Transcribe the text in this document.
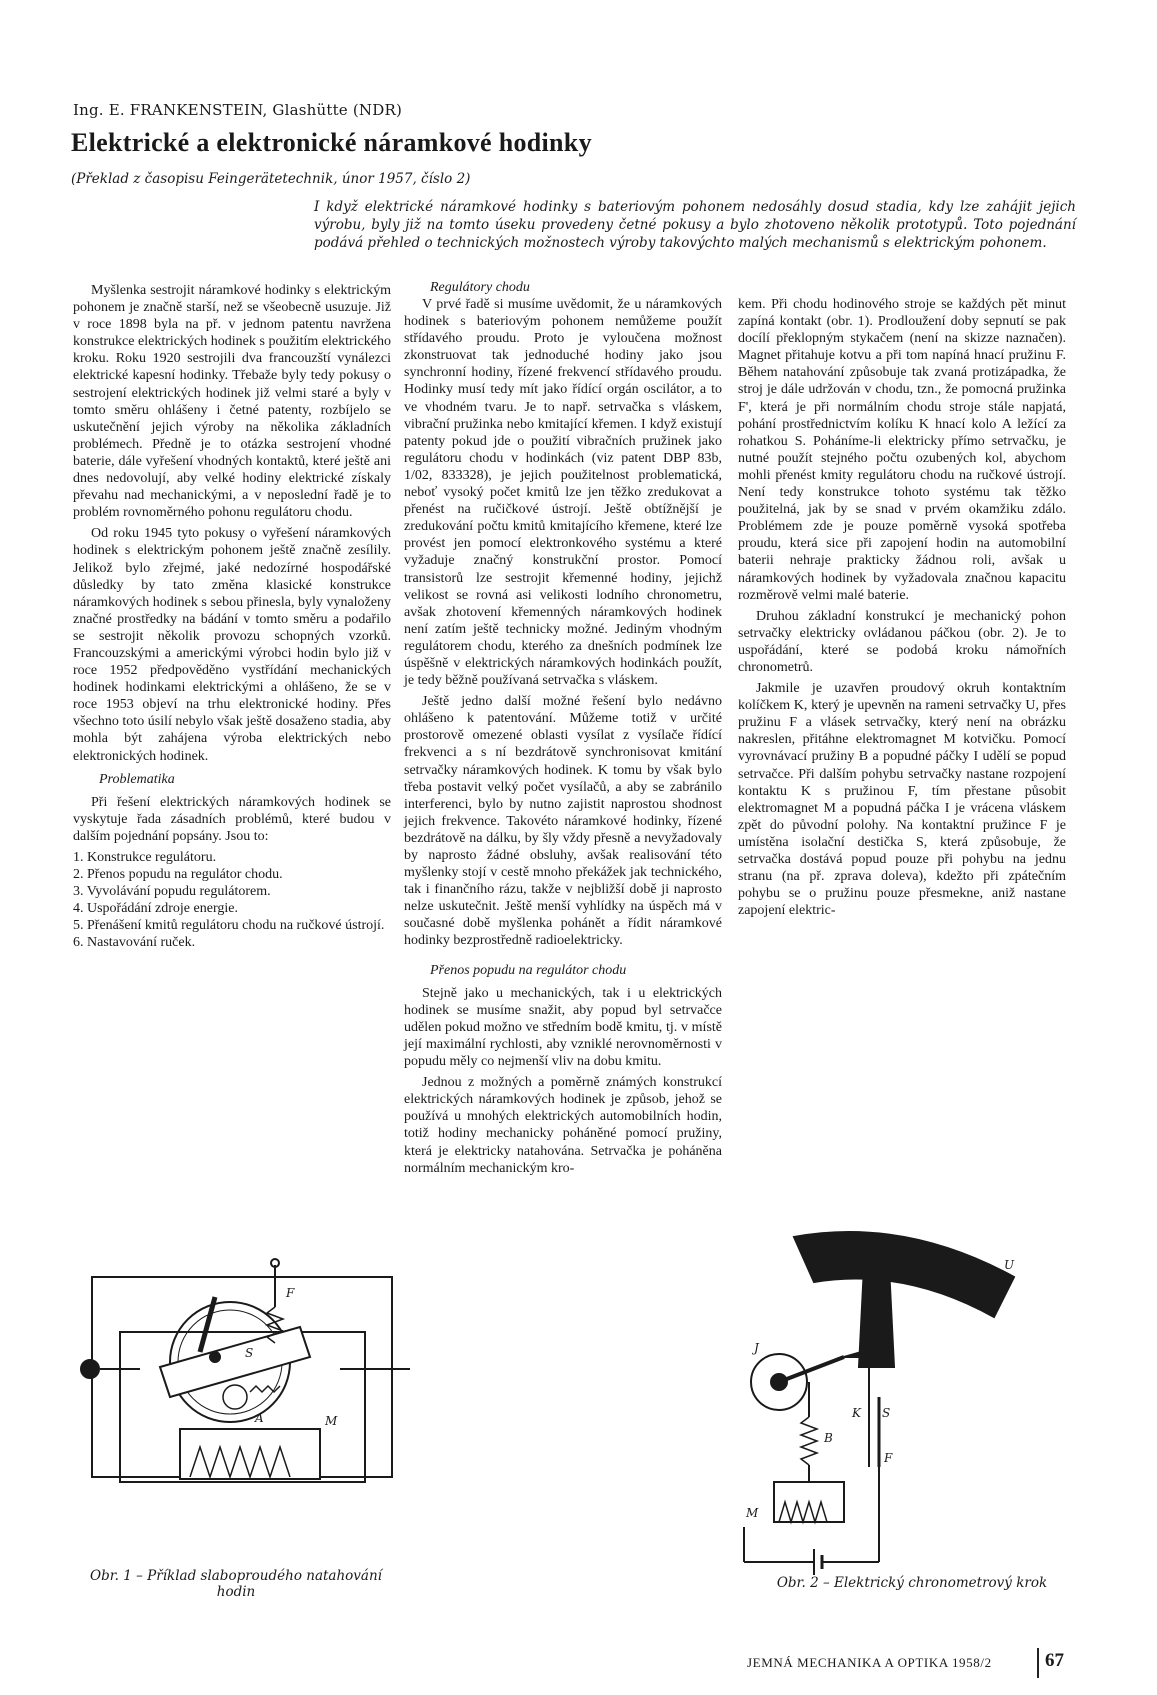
Ing. E. FRANKENSTEIN, Glashütte (NDR)
Elektrické a elektronické náramkové hodinky
(Překlad z časopisu Feingerätetechnik, únor 1957, číslo 2)

I když elektrické náramkové hodinky s bateriovým pohonem nedosáhly dosud stadia, kdy lze zahájit jejich výrobu, byly již na tomto úseku provedeny četné pokusy a bylo zhotoveno několik prototypů. Toto pojednání podává přehled o technických možnostech výroby takovýchto malých mechanismů s elektrickým pohonem.

Myšlenka sestrojit náramkové hodinky s elektrickým pohonem je značně starší, než se všeobecně usuzuje. Již v roce 1898 byla na př. v jednom patentu navržena konstrukce elektrických hodinek s použitím elektrického kroku. Roku 1920 sestrojili dva francouzští vynálezci elektrické kapesní hodinky. Třebaže byly tedy pokusy o sestrojení elektrických hodinek již velmi staré a byly v tomto směru ohlášeny i četné patenty, rozbíjelo se uskutečnění jejich výroby na několika základních problémech. Předně je to otázka sestrojení vhodné baterie, dále vyřešení vhodných kontaktů, které ještě ani dnes nedovolují, aby velké hodiny elektrické získaly převahu nad mechanickými, a v neposlední řadě je to problém rovnoměrného pohonu regulátoru chodu.

Od roku 1945 tyto pokusy o vyřešení náramkových hodinek s elektrickým pohonem ještě značně zesílily. Jelikož bylo zřejmé, jaké nedozírné hospodářské důsledky by tato změna klasické konstrukce náramkových hodinek s sebou přinesla, byly vynaloženy značné prostředky na bádání v tomto směru a podařilo se sestrojit několik provozu schopných vzorků. Francouzskými a americkými výrobci hodin bylo již v roce 1952 předpověděno vystřídání mechanických hodinek hodinkami elektrickými a ohlášeno, že se v roce 1953 objeví na trhu elektronické hodiny. Přes všechno toto úsilí nebylo však ještě dosaženo stadia, aby mohla být zahájena výroba elektrických nebo elektronických hodinek.

Problematika

Při řešení elektrických náramkových hodinek se vyskytuje řada zásadních problémů, které budou v dalším pojednání popsány. Jsou to:

1. Konstrukce regulátoru.
2. Přenos popudu na regulátor chodu.
3. Vyvolávání popudu regulátorem.
4. Uspořádání zdroje energie.
5. Přenášení kmitů regulátoru chodu na ručkové ústrojí.
6. Nastavování ruček.
Regulátory chodu

V prvé řadě si musíme uvědomit, že u náramkových hodinek s bateriovým pohonem nemůžeme použít střídavého proudu. Proto je vyloučena možnost zkonstruovat tak jednoduché hodiny jako jsou synchronní hodiny, řízené frekvencí střídavého proudu. Hodinky musí tedy mít jako řídící orgán oscilátor, a to ve vhodném tvaru. Je to např. setrvačka s vláskem, vibrační pružinka nebo kmitající křemen. I když existují patenty pokud jde o použití vibračních pružinek jako regulátoru chodu v hodinkách (viz patent DBP 83b, 1/02, 833328), je jejich použitelnost problematická, neboť vysoký počet kmitů lze jen těžko zredukovat a přenést na ručičkové ústrojí. Ještě obtížnější je zredukování počtu kmitů kmitajícího křemene, které lze provést jen pomocí elektronkového systému a které vyžaduje značný konstrukční prostor. Pomocí transistorů lze sestrojit křemenné hodiny, jejichž velikost se rovná asi velikosti lodního chronometru, avšak zhotovení křemenných náramkových hodinek není zatím ještě technicky možné. Jediným vhodným regulátorem chodu, kterého za dnešních podmínek lze úspěšně v elektrických náramkových hodinkách použít, je tedy běžně používaná setrvačka s vláskem.

Ještě jedno další možné řešení bylo nedávno ohlášeno k patentování. Můžeme totiž v určité prostorově omezené oblasti vysílat z vysílače řídící frekvenci a s ní bezdrátově synchronisovat kmitání setrvačky náramkových hodinek. K tomu by však bylo třeba postavit velký počet vysílačů, a aby se zabránilo interferenci, bylo by nutno zajistit naprostou shodnost jejich frekvence. Takovéto náramkové hodinky, řízené bezdrátově na dálku, by šly vždy přesně a nevyžadovaly by naprosto žádné obsluhy, avšak realisování této myšlenky stojí v cestě mnoho překážek jak technického, tak i finančního rázu, takže v nejbližší době ji naprosto nelze uskutečnit. Ještě menší vyhlídky na úspěch má v současné době myšlenka pohánět a řídit náramkové hodinky bezprostředně radioelektricky.

Přenos popudu na regulátor chodu

Stejně jako u mechanických, tak i u elektrických hodinek se musíme snažit, aby popud byl setrvačce udělen pokud možno ve středním bodě kmitu, tj. v místě její maximální rychlosti, aby vzniklé nerovnoměrnosti v popudu měly co nejmenší vliv na dobu kmitu.

Jednou z možných a poměrně známých konstrukcí elektrických náramkových hodinek je způsob, jehož se používá u mnohých elektrických automobilních hodin, totiž hodiny mechanicky poháněné pomocí pružiny, která je elektricky natahována. Setrvačka je poháněna normálním mechanickým kro-

kem. Při chodu hodinového stroje se každých pět minut zapíná kontakt (obr. 1). Prodloužení doby sepnutí se pak docílí překlopným stykačem (není na skizze naznačen). Magnet přitahuje kotvu a při tom napíná hnací pružinu F. Během natahování způsobuje tak zvaná protizápadka, že stroj je dále udržován v chodu, tzn., že pomocná pružinka F', která je při normálním chodu stroje stále napjatá, pohání prostřednictvím kolíku K hnací kolo A ležící za rohatkou S. Poháníme-li elektricky přímo setrvačku, je nutné použít stejného počtu ozubených kol, abychom mohli přenést kmity regulátoru chodu na ručkové ústrojí. Není tedy konstrukce tohoto systému tak těžko použitelná, jak by se snad v prvém okamžiku zdálo. Problémem zde je pouze poměrně vysoká spotřeba proudu, která sice při zapojení hodin na automobilní baterii nehraje prakticky žádnou roli, avšak u náramkových hodinek by vyžadovala značnou kapacitu rozměrově velmi malé baterie.

Druhou základní konstrukcí je mechanický pohon setrvačky elektricky ovládanou páčkou (obr. 2). Je to uspořádání, které se podobá kroku námořních chronometrů.

Jakmile je uzavřen proudový okruh kontaktním kolíčkem K, který je upevněn na rameni setrvačky U, přes pružinu F a vlásek setrvačky, který není na obrázku nakreslen, přitáhne elektromagnet M kotvičku. Pomocí vyrovnávací pružiny B a popudné páčky I udělí se popud setrvačce. Při dalším pohybu setrvačky nastane rozpojení kontaktu K s pružinou F, tím přestane působit elektromagnet M a popudná páčka I je vrácena vláskem zpět do původní polohy. Na kontaktní pružince F je umístěna isolační destička S, která způsobuje, že setrvačka dostává popud pouze při pohybu na jednu stranu (na př. zprava doleva), kdežto při zpátečním pohybu se o pružinu pouze přesmekne, aniž nastane zapojení elektric-

F
S
A	M
U
J
B
K S
F
M
Obr. 1 – Příklad slaboproudého natahování hodin
Obr. 2 – Elektrický chronometrový krok
JEMNÁ MECHANIKA A OPTIKA 1958/2	67
